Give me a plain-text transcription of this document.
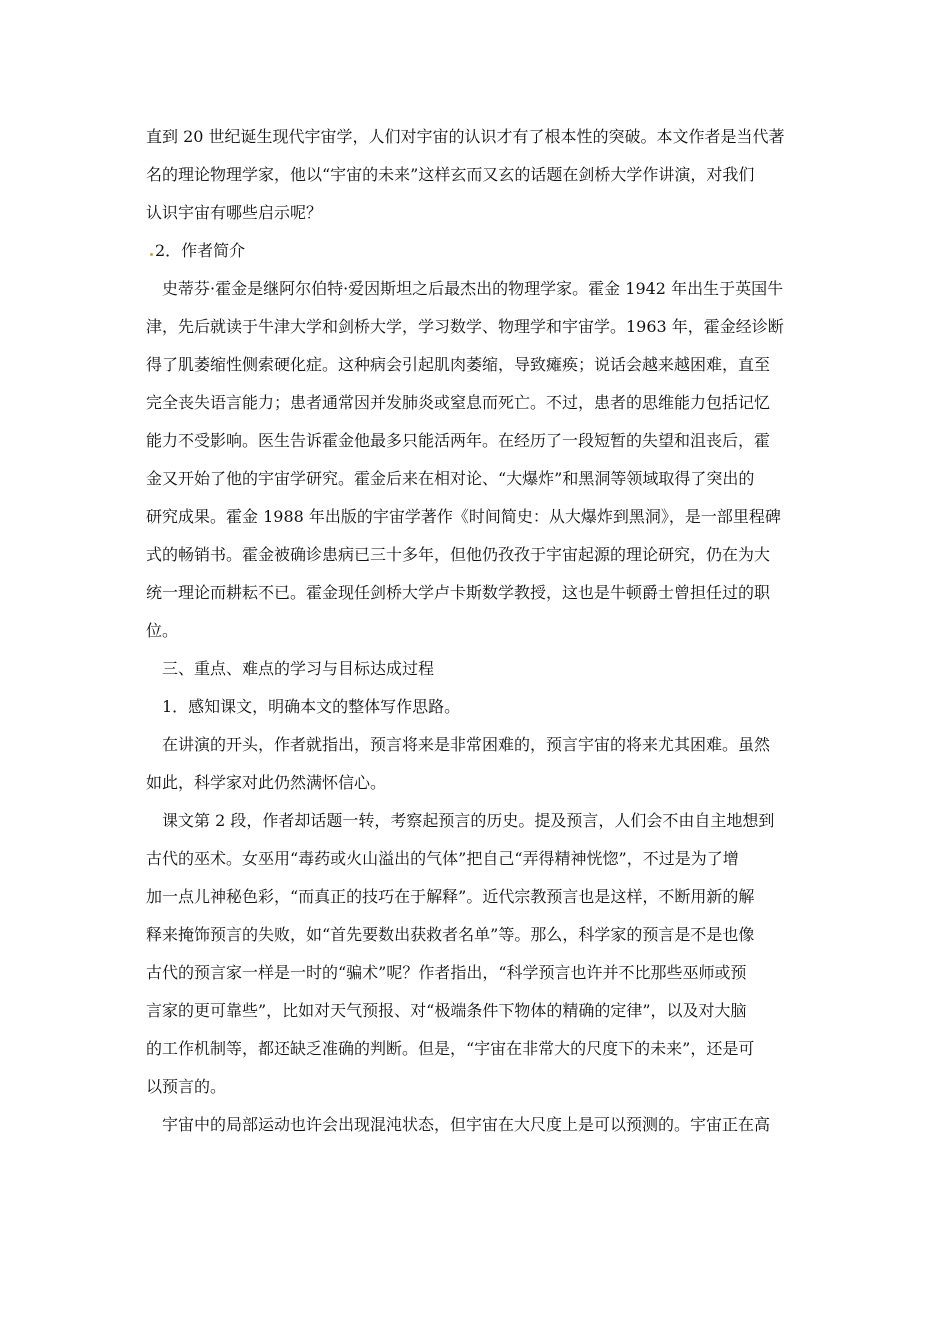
直到 20 世纪诞生现代宇宙学，人们对宇宙的认识才有了根本性的突破。本文作者是当代著
名的理论物理学家，他以“宇宙的未来”这样玄而又玄的话题在剑桥大学作讲演，对我们
认识宇宙有哪些启示呢？
2．作者简介
史蒂芬·霍金是继阿尔伯特·爱因斯坦之后最杰出的物理学家。霍金 1942 年出生于英国牛
津，先后就读于牛津大学和剑桥大学，学习数学、物理学和宇宙学。1963 年，霍金经诊断
得了肌萎缩性侧索硬化症。这种病会引起肌肉萎缩，导致瘫痪；说话会越来越困难，直至
完全丧失语言能力；患者通常因并发肺炎或窒息而死亡。不过，患者的思维能力包括记忆
能力不受影响。医生告诉霍金他最多只能活两年。在经历了一段短暂的失望和沮丧后，霍
金又开始了他的宇宙学研究。霍金后来在相对论、“大爆炸”和黑洞等领域取得了突出的
研究成果。霍金 1988 年出版的宇宙学著作《时间简史：从大爆炸到黑洞》，是一部里程碑
式的畅销书。霍金被确诊患病已三十多年，但他仍孜孜于宇宙起源的理论研究，仍在为大
统一理论而耕耘不已。霍金现任剑桥大学卢卡斯数学教授，这也是牛顿爵士曾担任过的职
位。
三、重点、难点的学习与目标达成过程
1．感知课文，明确本文的整体写作思路。
在讲演的开头，作者就指出，预言将来是非常困难的，预言宇宙的将来尤其困难。虽然
如此，科学家对此仍然满怀信心。
课文第 2 段，作者却话题一转，考察起预言的历史。提及预言，人们会不由自主地想到
古代的巫术。女巫用“毒药或火山溢出的气体”把自己“弄得精神恍惚”，不过是为了增
加一点儿神秘色彩，“而真正的技巧在于解释”。近代宗教预言也是这样，不断用新的解
释来掩饰预言的失败，如“首先要数出获救者名单”等。那么，科学家的预言是不是也像
古代的预言家一样是一时的“骗术”呢？作者指出，“科学预言也许并不比那些巫师或预
言家的更可靠些”，比如对天气预报、对“极端条件下物体的精确的定律”，以及对大脑
的工作机制等，都还缺乏准确的判断。但是，“宇宙在非常大的尺度下的未来”，还是可
以预言的。
宇宙中的局部运动也许会出现混沌状态，但宇宙在大尺度上是可以预测的。宇宙正在高
